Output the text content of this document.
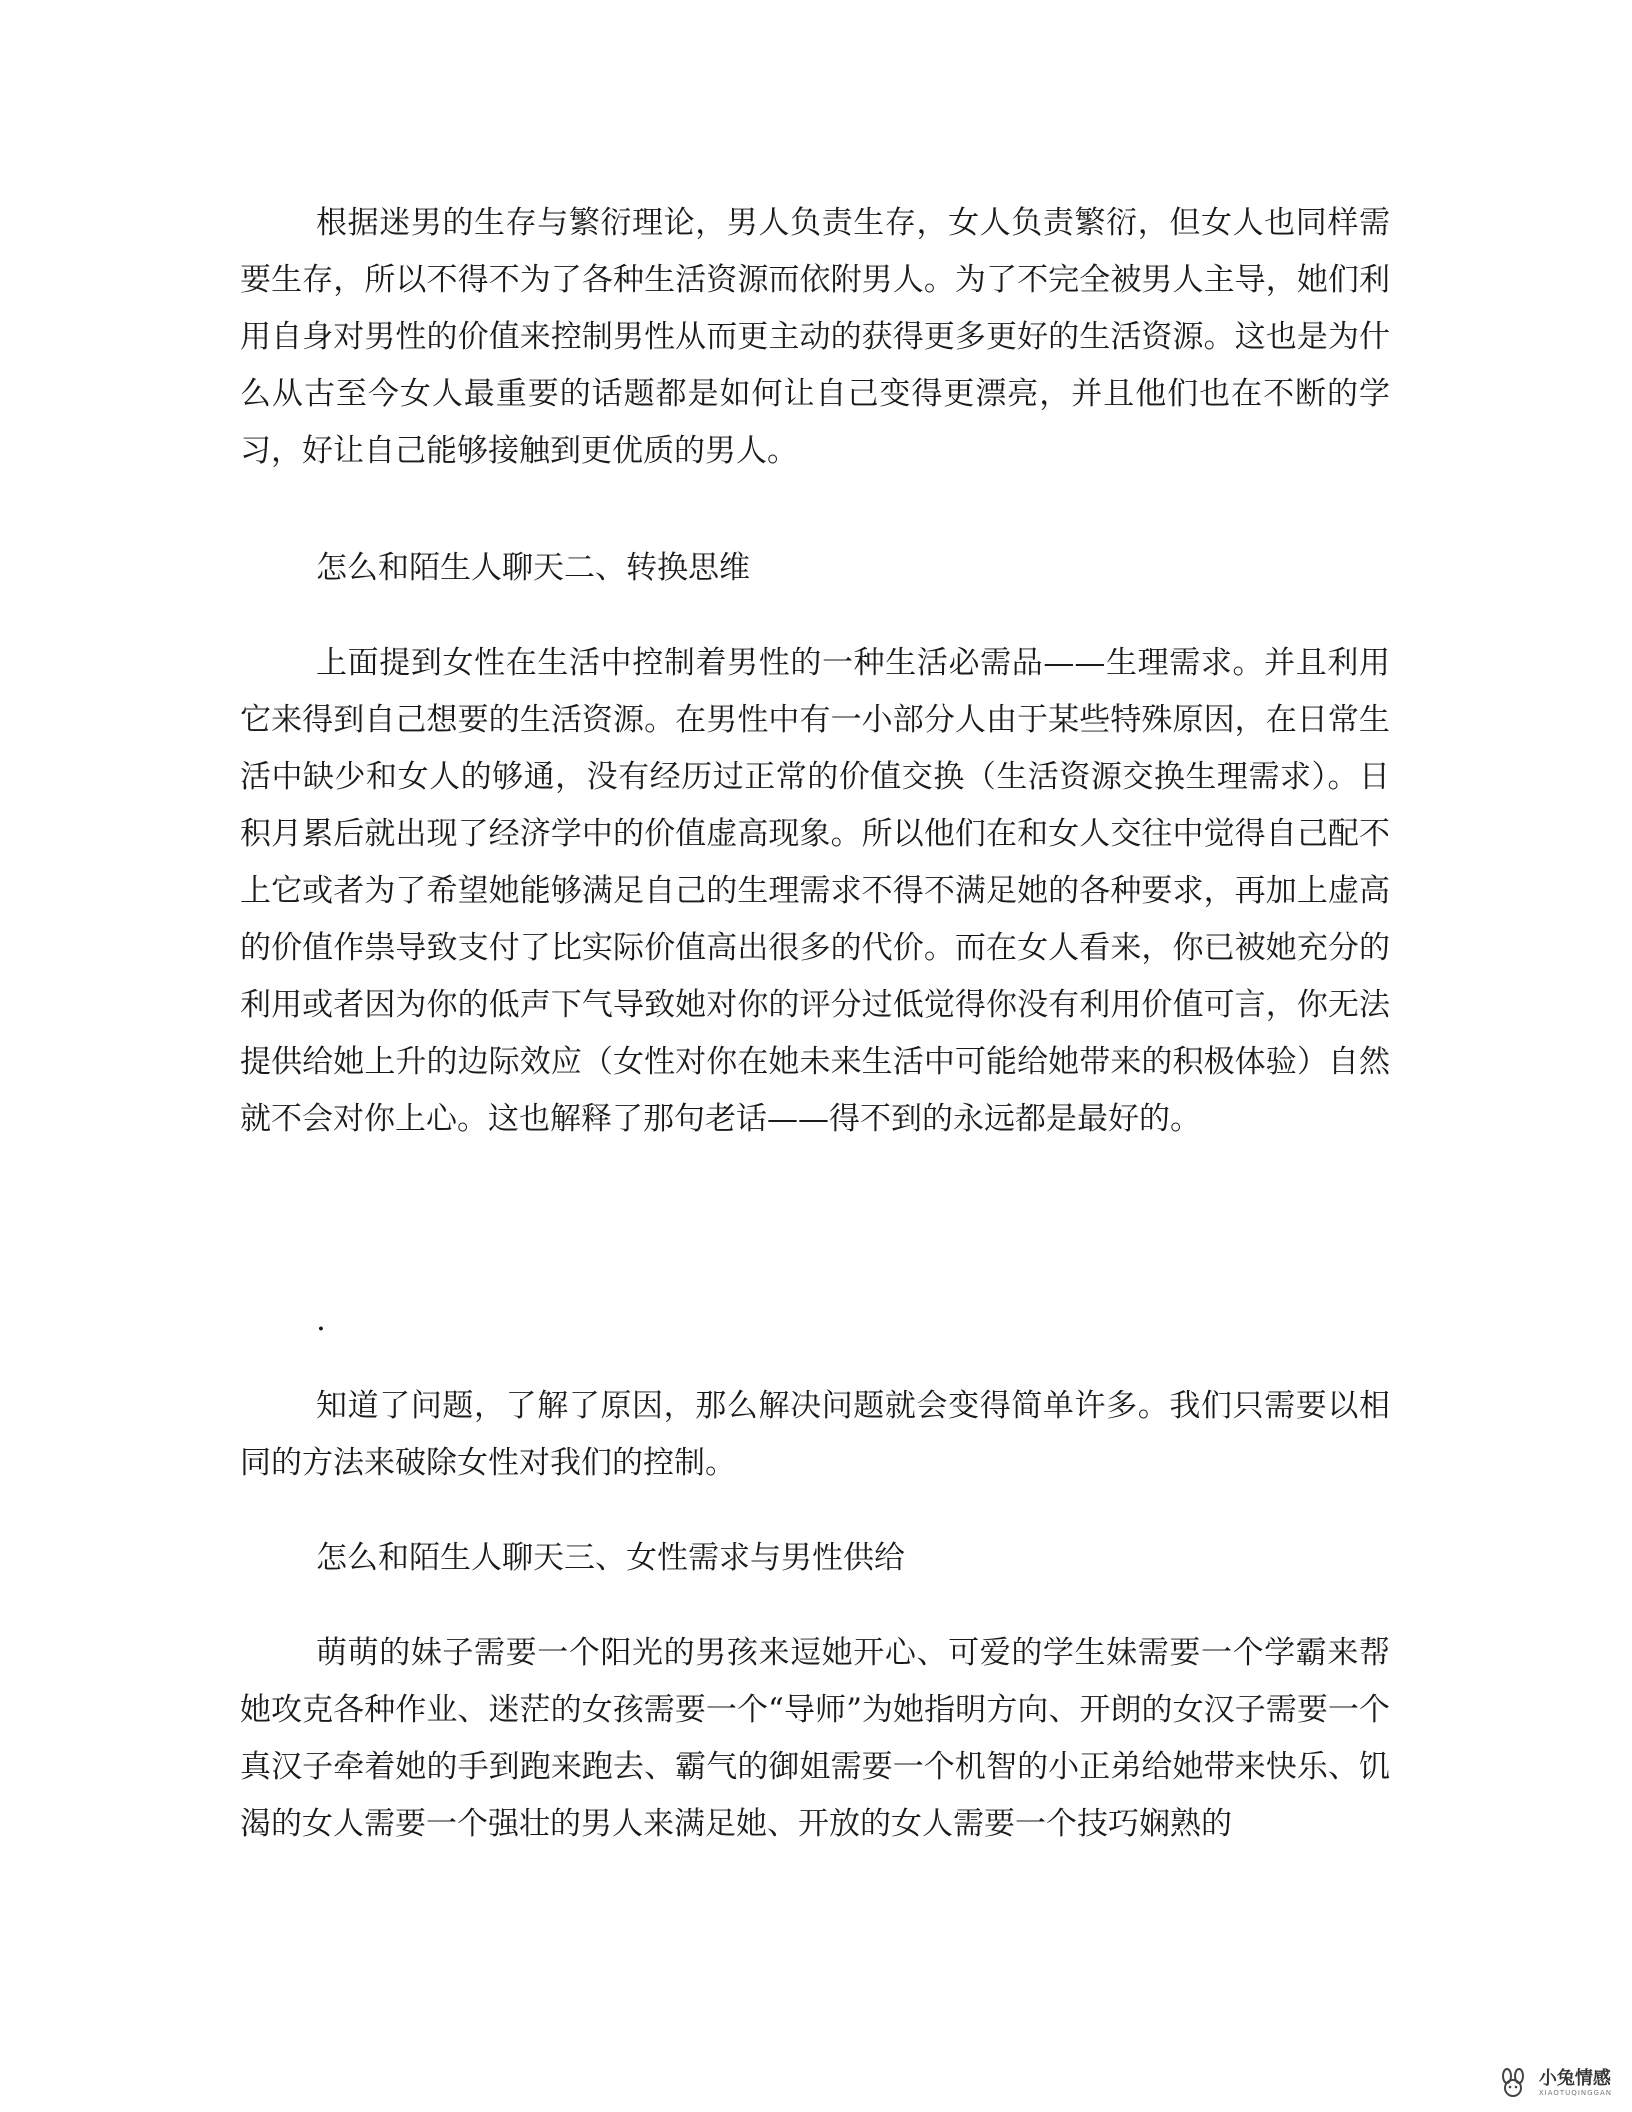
根据迷男的生存与繁衍理论，男人负责生存，女人负责繁衍，但女人也同样需要生存，所以不得不为了各种生活资源而依附男人。为了不完全被男人主导，她们利用自身对男性的价值来控制男性从而更主动的获得更多更好的生活资源。这也是为什么从古至今女人最重要的话题都是如何让自己变得更漂亮，并且他们也在不断的学习，好让自己能够接触到更优质的男人。

怎么和陌生人聊天二、转换思维

上面提到女性在生活中控制着男性的一种生活必需品——生理需求。并且利用它来得到自己想要的生活资源。在男性中有一小部分人由于某些特殊原因，在日常生活中缺少和女人的够通，没有经历过正常的价值交换（生活资源交换生理需求）。日积月累后就出现了经济学中的价值虚高现象。所以他们在和女人交往中觉得自己配不上它或者为了希望她能够满足自己的生理需求不得不满足她的各种要求，再加上虚高的价值作祟导致支付了比实际价值高出很多的代价。而在女人看来，你已被她充分的利用或者因为你的低声下气导致她对你的评分过低觉得你没有利用价值可言，你无法提供给她上升的边际效应（女性对你在她未来生活中可能给她带来的积极体验）自然就不会对你上心。这也解释了那句老话——得不到的永远都是最好的。

.

知道了问题，了解了原因，那么解决问题就会变得简单许多。我们只需要以相同的方法来破除女性对我们的控制。

怎么和陌生人聊天三、女性需求与男性供给

萌萌的妹子需要一个阳光的男孩来逗她开心、可爱的学生妹需要一个学霸来帮她攻克各种作业、迷茫的女孩需要一个“导师”为她指明方向、开朗的女汉子需要一个真汉子牵着她的手到跑来跑去、霸气的御姐需要一个机智的小正弟给她带来快乐、饥渴的女人需要一个强壮的男人来满足她、开放的女人需要一个技巧娴熟的

小兔情感
XIAOTUQINGGAN
